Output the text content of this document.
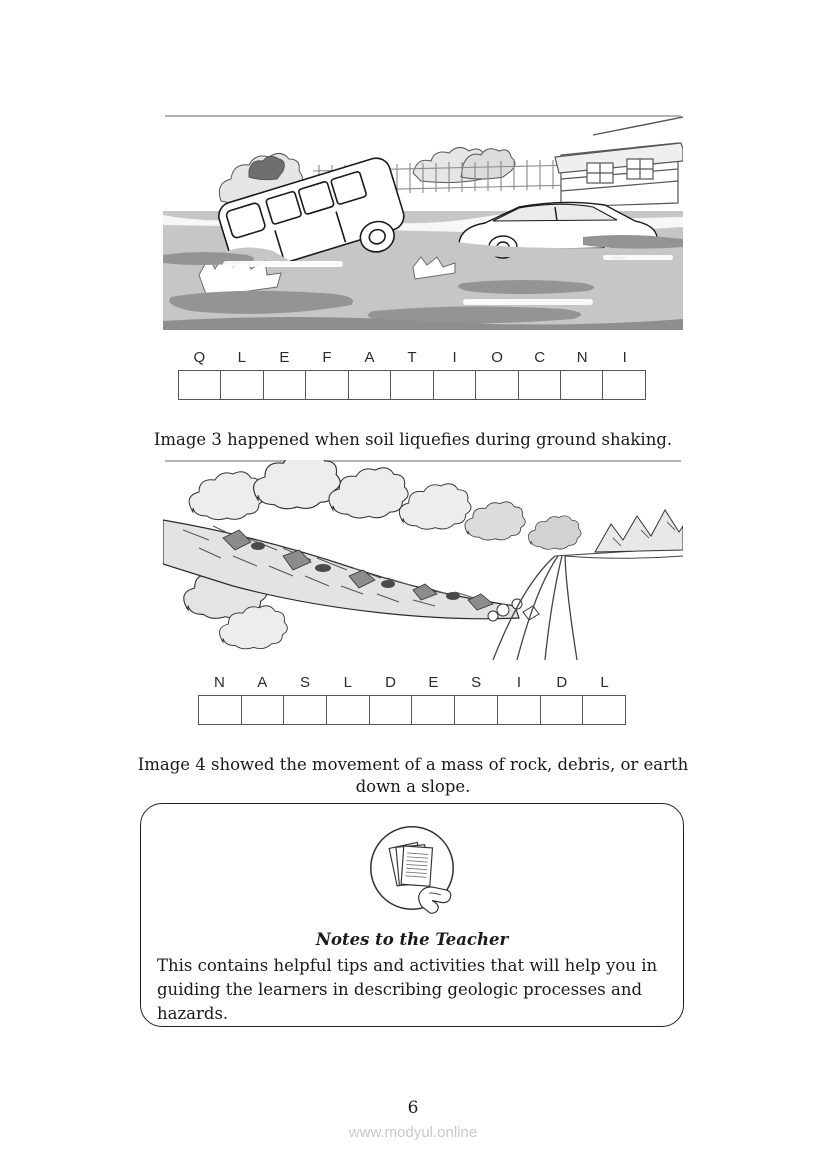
Q	L	E	F	A	T	I	O	C	N	I

Image 3 happened when soil liquefies during ground shaking.

N	A	S	L	D	E	S	I	D	L

Image 4 showed the movement of a mass of rock, debris, or earth down a slope.

Notes to the Teacher
This contains helpful tips and activities that will help you in guiding the learners in describing geologic processes and hazards.
6
www.modyul.online
